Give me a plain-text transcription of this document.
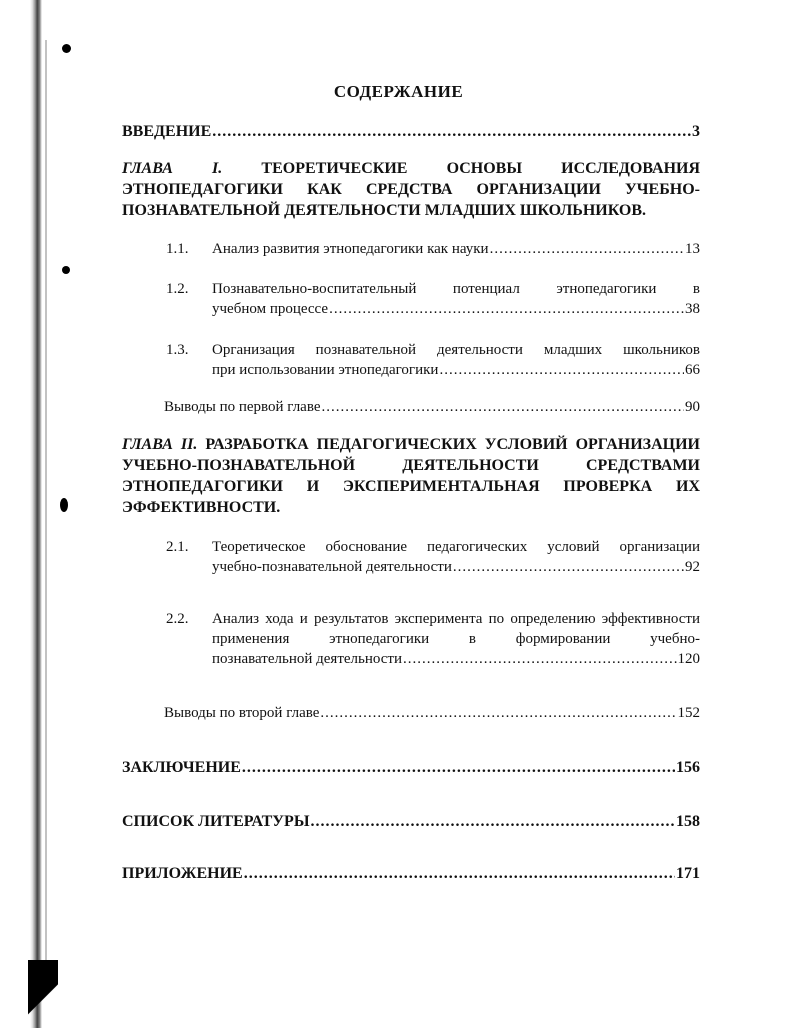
СОДЕРЖАНИЕ
ВВЕДЕНИЕ .....	3
ГЛАВА I. ТЕОРЕТИЧЕСКИЕ ОСНОВЫ ИССЛЕДОВАНИЯ ЭТНОПЕДАГОГИКИ КАК СРЕДСТВА ОРГАНИЗАЦИИ УЧЕБНО-ПОЗНАВАТЕЛЬНОЙ ДЕЯТЕЛЬНОСТИ МЛАДШИХ ШКОЛЬНИКОВ.
1.1. Анализ развития этнопедагогики как науки .....	13
1.2. Познавательно-воспитательный потенциал этнопедагогики в
учебном процессе .....	38
1.3. Организация познавательной деятельности младших школьников
при использовании этнопедагогики .....	66
Выводы по первой главе .....	90
ГЛАВА II. РАЗРАБОТКА ПЕДАГОГИЧЕСКИХ УСЛОВИЙ ОРГАНИЗАЦИИ УЧЕБНО-ПОЗНАВАТЕЛЬНОЙ ДЕЯТЕЛЬНОСТИ СРЕДСТВАМИ ЭТНОПЕДАГОГИКИ И ЭКСПЕРИМЕНТАЛЬНАЯ ПРОВЕРКА ИХ ЭФФЕКТИВНОСТИ.
2.1. Теоретическое обоснование педагогических условий организации
учебно-познавательной деятельности .....	92
2.2. Анализ хода и результатов эксперимента по определению эффективности применения этнопедагогики в формировании учебно-
познавательной деятельности .....	120
Выводы по второй главе .....	152
ЗАКЛЮЧЕНИЕ .....	156
СПИСОК ЛИТЕРАТУРЫ .....	158
ПРИЛОЖЕНИЕ .....	171
